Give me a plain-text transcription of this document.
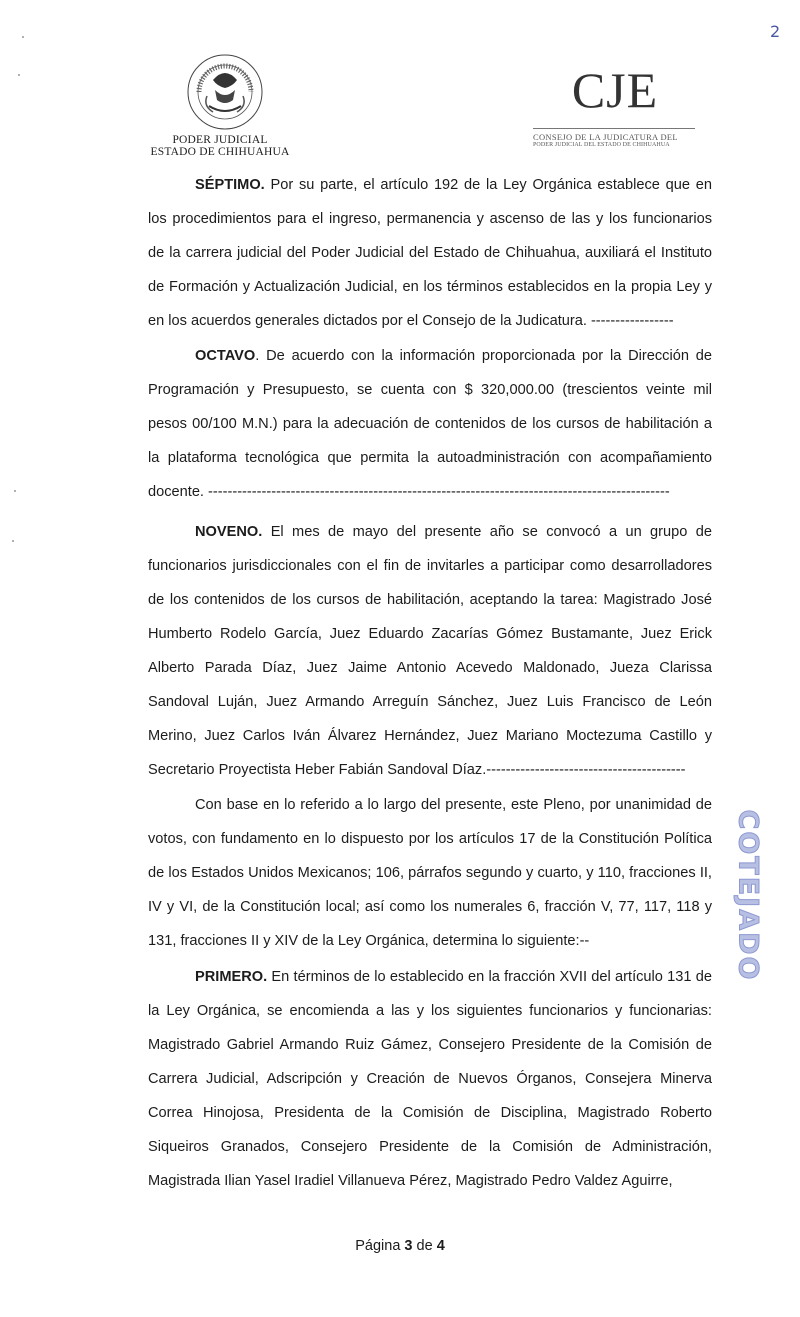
2
PODER JUDICIAL
ESTADO DE CHIHUAHUA
CJE
CONSEJO DE LA JUDICATURA DEL
PODER JUDICIAL DEL ESTADO DE CHIHUAHUA

SÉPTIMO. Por su parte, el artículo 192 de la Ley Orgánica establece que en los procedimientos para el ingreso, permanencia y ascenso de las y los funcionarios de la carrera judicial del Poder Judicial del Estado de Chihuahua, auxiliará el Instituto de Formación y Actualización Judicial, en los términos establecidos en la propia Ley y en los acuerdos generales dictados por el Consejo de la Judicatura. -----------------

OCTAVO. De acuerdo con la información proporcionada por la Dirección de Programación y Presupuesto, se cuenta con $ 320,000.00 (trescientos veinte mil pesos 00/100 M.N.) para la adecuación de contenidos de los cursos de habilitación a la plataforma tecnológica que permita la autoadministración con acompañamiento docente. -----------------------------------------------------------------------------------------------

NOVENO. El mes de mayo del presente año se convocó a un grupo de funcionarios jurisdiccionales con el fin de invitarles a participar como desarrolladores de los contenidos de los cursos de habilitación, aceptando la tarea: Magistrado José Humberto Rodelo García, Juez Eduardo Zacarías Gómez Bustamante, Juez Erick Alberto Parada Díaz, Juez Jaime Antonio Acevedo Maldonado, Jueza Clarissa Sandoval Luján, Juez Armando Arreguín Sánchez, Juez Luis Francisco de León Merino, Juez Carlos Iván Álvarez Hernández, Juez Mariano Moctezuma Castillo y Secretario Proyectista Heber Fabián Sandoval Díaz.-----------------------------------------

Con base en lo referido a lo largo del presente, este Pleno, por unanimidad de votos, con fundamento en lo dispuesto por los artículos 17 de la Constitución Política de los Estados Unidos Mexicanos; 106, párrafos segundo y cuarto, y 110, fracciones II, IV y VI, de la Constitución local; así como los numerales 6, fracción V, 77, 117, 118 y 131, fracciones II y XIV de la Ley Orgánica, determina lo siguiente:--

PRIMERO. En términos de lo establecido en la fracción XVII del artículo 131 de la Ley Orgánica, se encomienda a las y los siguientes funcionarios y funcionarias: Magistrado Gabriel Armando Ruiz Gámez, Consejero Presidente de la Comisión de Carrera Judicial, Adscripción y Creación de Nuevos Órganos, Consejera Minerva Correa Hinojosa, Presidenta de la Comisión de Disciplina, Magistrado Roberto Siqueiros Granados, Consejero Presidente de la Comisión de Administración, Magistrada Ilian Yasel Iradiel Villanueva Pérez, Magistrado Pedro Valdez Aguirre,

COTEJADO
Página 3 de 4
